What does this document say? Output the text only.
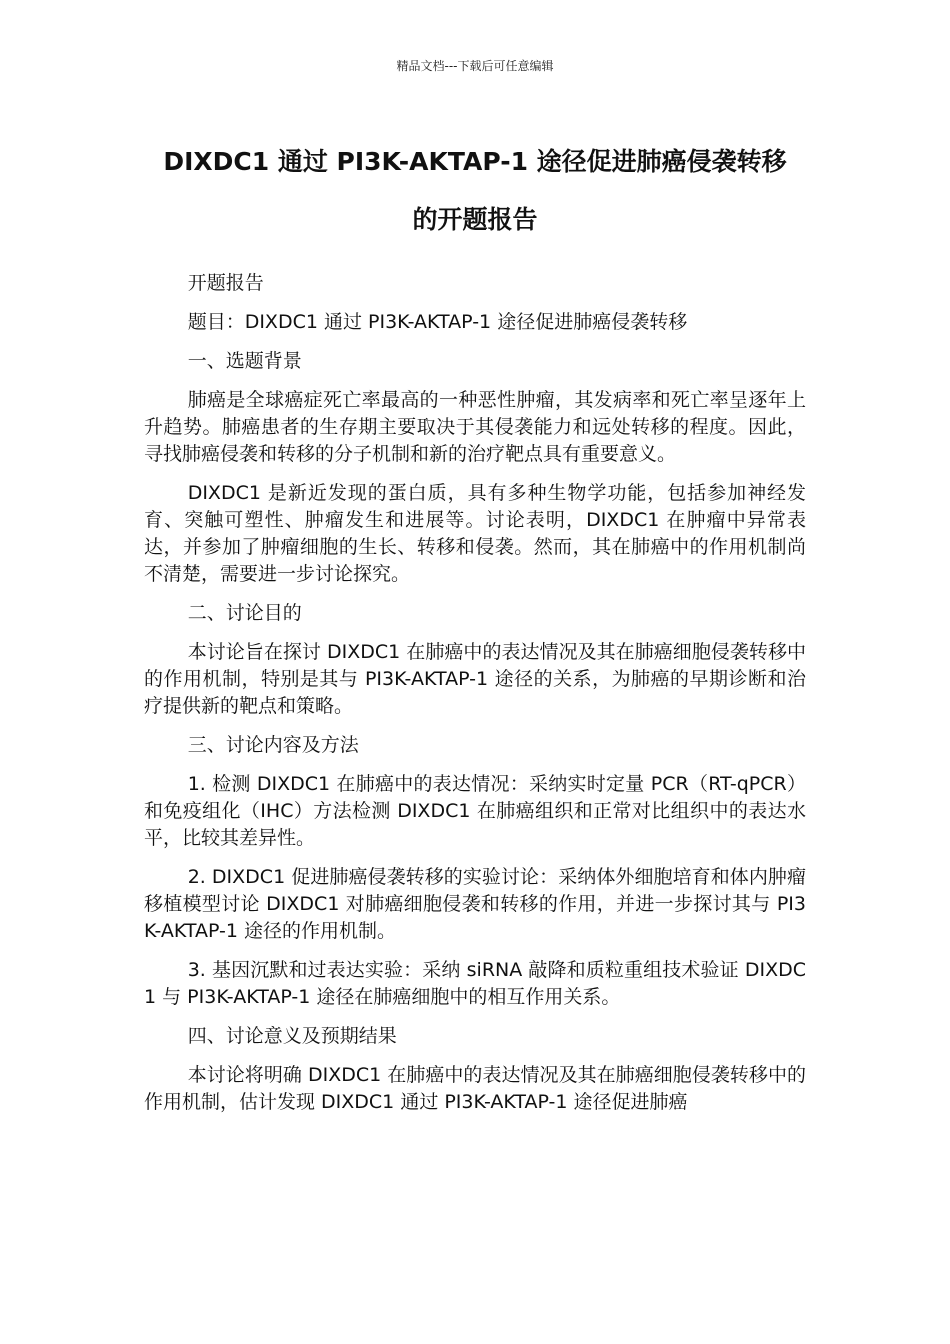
精品文档---下载后可任意编辑
DIXDC1 通过 PI3K-AKTAP-1 途径促进肺癌侵袭转移
的开题报告

开题报告

题目：DIXDC1 通过 PI3K-AKTAP-1 途径促进肺癌侵袭转移

一、选题背景

肺癌是全球癌症死亡率最高的一种恶性肿瘤，其发病率和死亡率呈逐年上升趋势。肺癌患者的生存期主要取决于其侵袭能力和远处转移的程度。因此，寻找肺癌侵袭和转移的分子机制和新的治疗靶点具有重要意义。

DIXDC1 是新近发现的蛋白质，具有多种生物学功能，包括参加神经发育、突触可塑性、肿瘤发生和进展等。讨论表明，DIXDC1 在肿瘤中异常表达，并参加了肿瘤细胞的生长、转移和侵袭。然而，其在肺癌中的作用机制尚不清楚，需要进一步讨论探究。

二、讨论目的

本讨论旨在探讨 DIXDC1 在肺癌中的表达情况及其在肺癌细胞侵袭转移中的作用机制，特别是其与 PI3K-AKTAP-1 途径的关系，为肺癌的早期诊断和治疗提供新的靶点和策略。

三、讨论内容及方法

1. 检测 DIXDC1 在肺癌中的表达情况：采纳实时定量 PCR（RT-qPCR）和免疫组化（IHC）方法检测 DIXDC1 在肺癌组织和正常对比组织中的表达水平，比较其差异性。

2. DIXDC1 促进肺癌侵袭转移的实验讨论：采纳体外细胞培育和体内肿瘤移植模型讨论 DIXDC1 对肺癌细胞侵袭和转移的作用，并进一步探讨其与 PI3K-AKTAP-1 途径的作用机制。

3. 基因沉默和过表达实验：采纳 siRNA 敲降和质粒重组技术验证 DIXDC1 与 PI3K-AKTAP-1 途径在肺癌细胞中的相互作用关系。

四、讨论意义及预期结果

本讨论将明确 DIXDC1 在肺癌中的表达情况及其在肺癌细胞侵袭转移中的作用机制，估计发现 DIXDC1 通过 PI3K-AKTAP-1 途径促进肺癌
